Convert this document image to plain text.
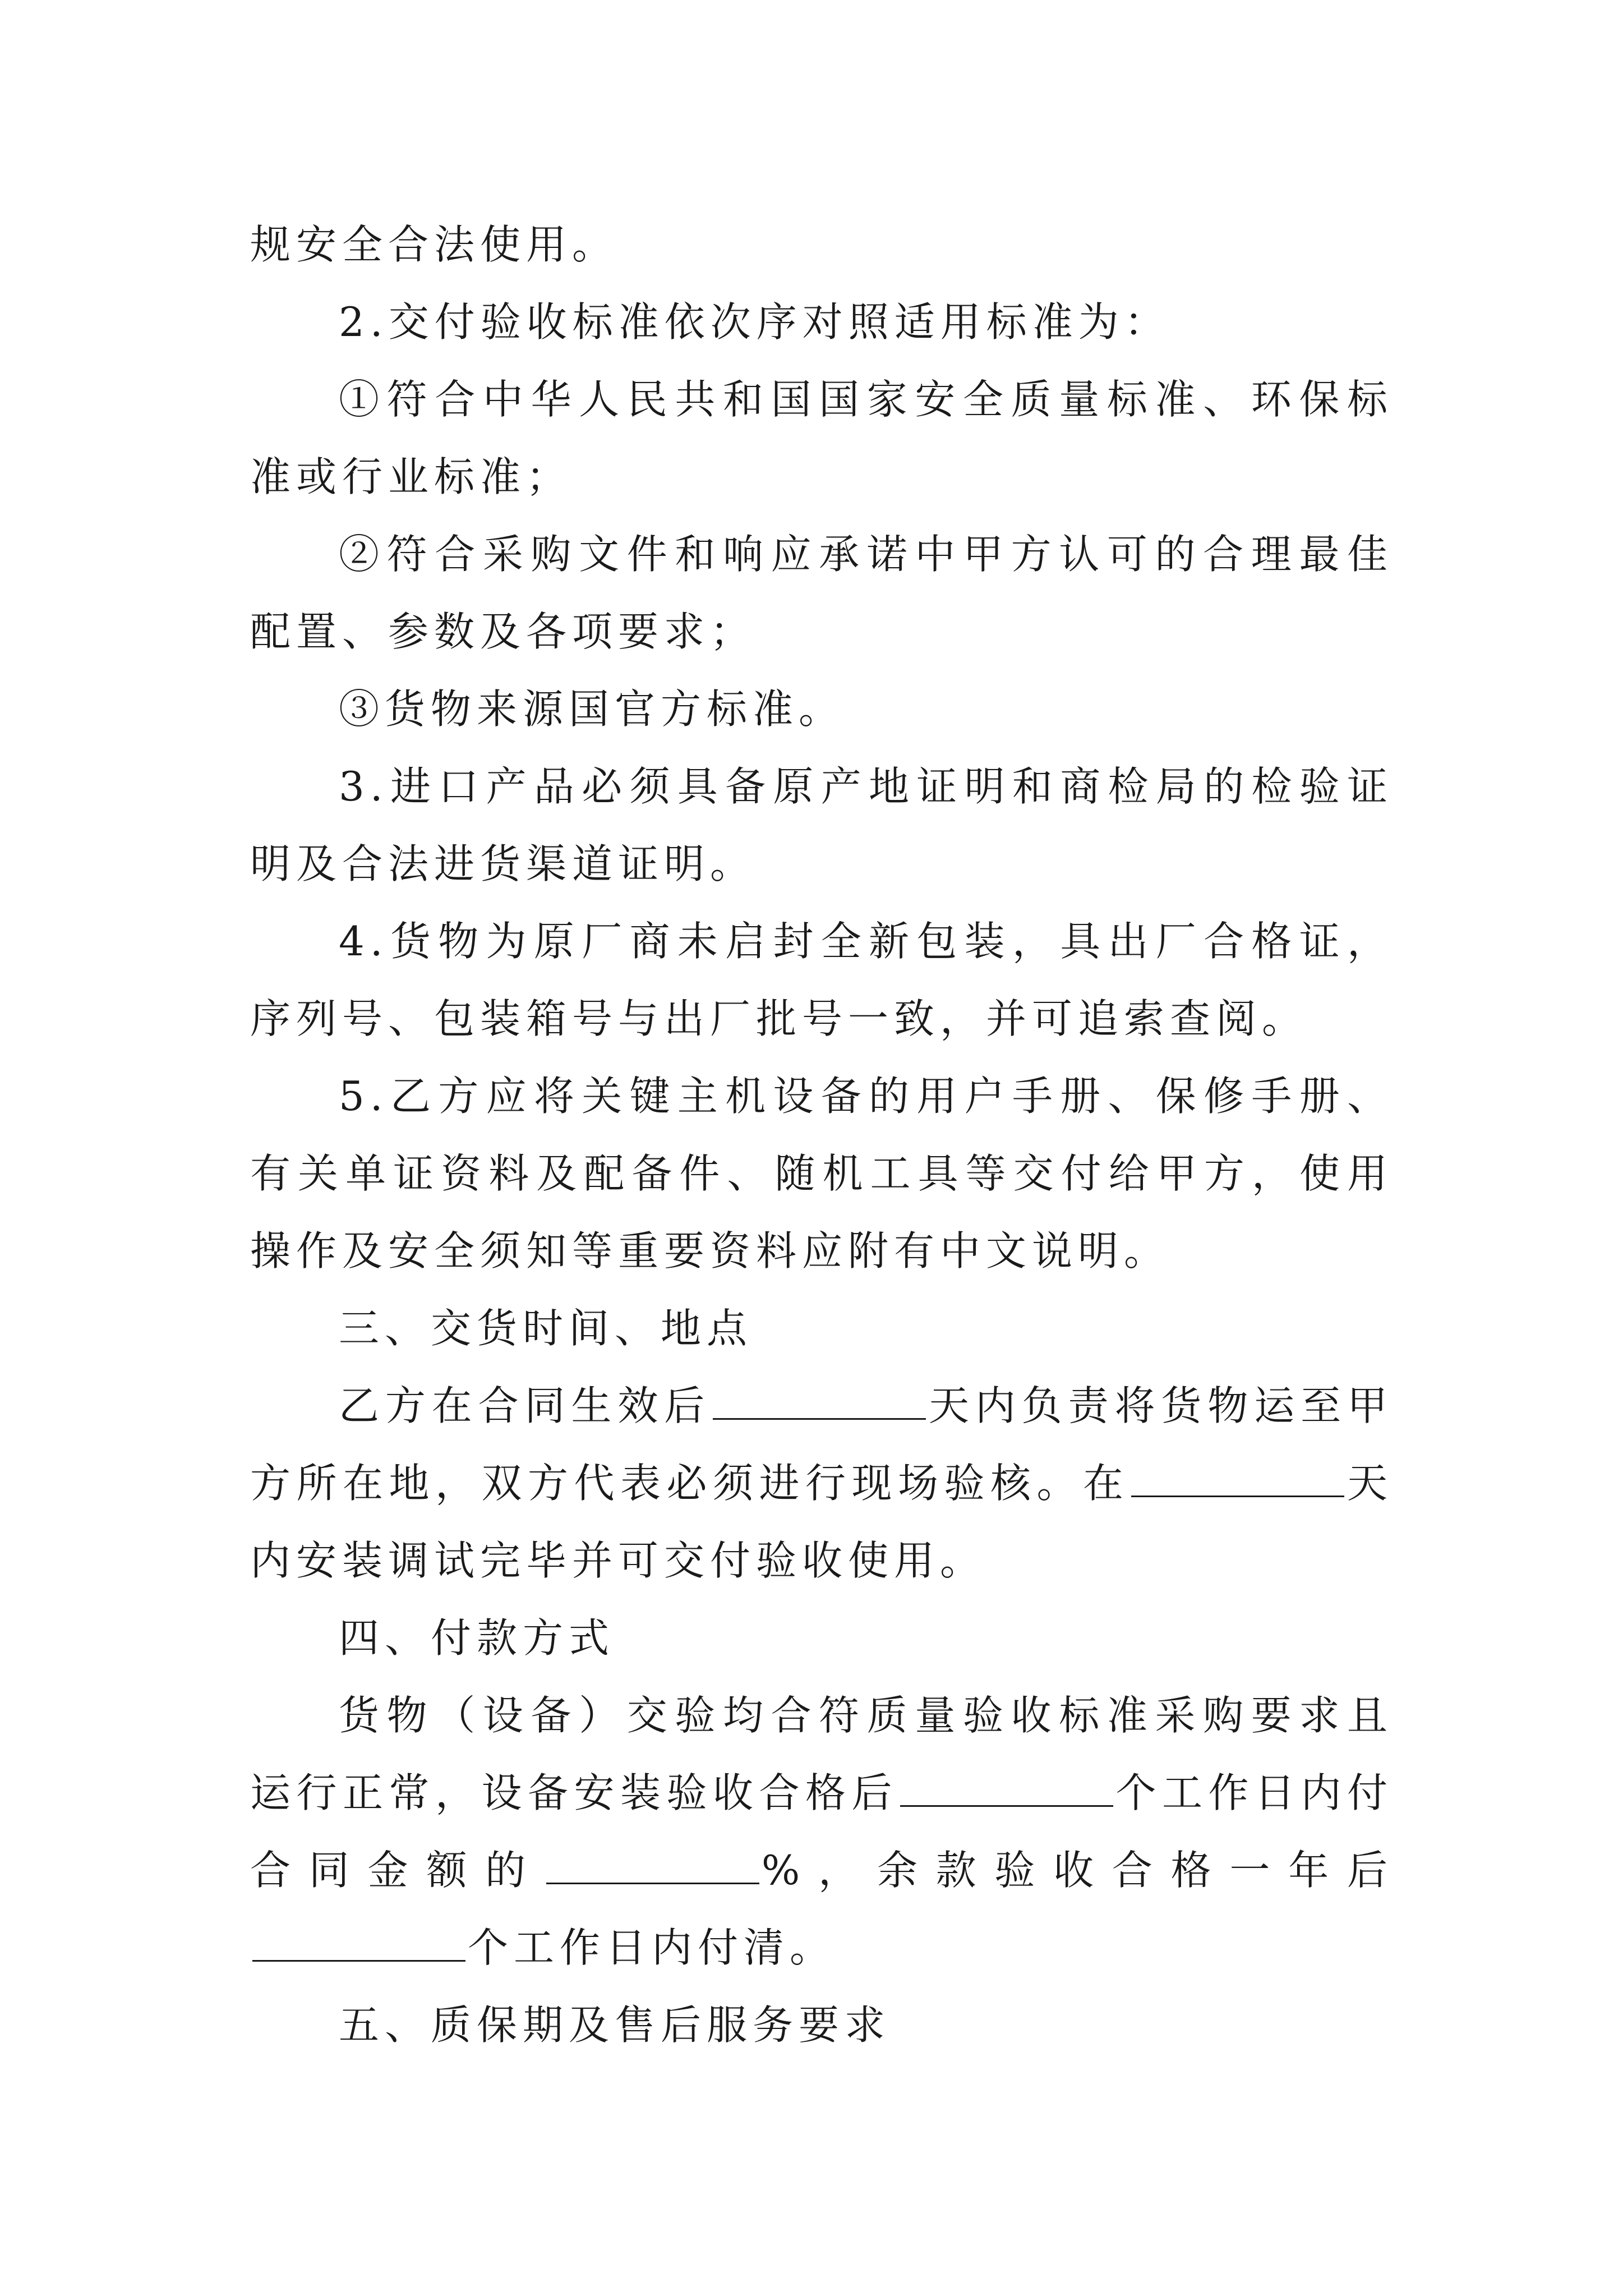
规安全合法使用。

2.交付验收标准依次序对照适用标准为：

①符合中华人民共和国国家安全质量标准、环保标准或行业标准；

②符合采购文件和响应承诺中甲方认可的合理最佳配置、参数及各项要求；

③货物来源国官方标准。

3.进口产品必须具备原产地证明和商检局的检验证明及合法进货渠道证明。

4.货物为原厂商未启封全新包装，具出厂合格证，序列号、包装箱号与出厂批号一致，并可追索查阅。

5.乙方应将关键主机设备的用户手册、保修手册、有关单证资料及配备件、随机工具等交付给甲方，使用操作及安全须知等重要资料应附有中文说明。

三、交货时间、地点

乙方在合同生效后	天内负责将货物运至甲方所在地，双方代表必须进行现场验核。在	天内安装调试完毕并可交付验收使用。

四、付款方式

货物（设备）交验均合符质量验收标准采购要求且运行正常，设备安装验收合格后	个工作日内付合同金额的	%，余款验收合格一年后个工作日内付清。

五、质保期及售后服务要求
